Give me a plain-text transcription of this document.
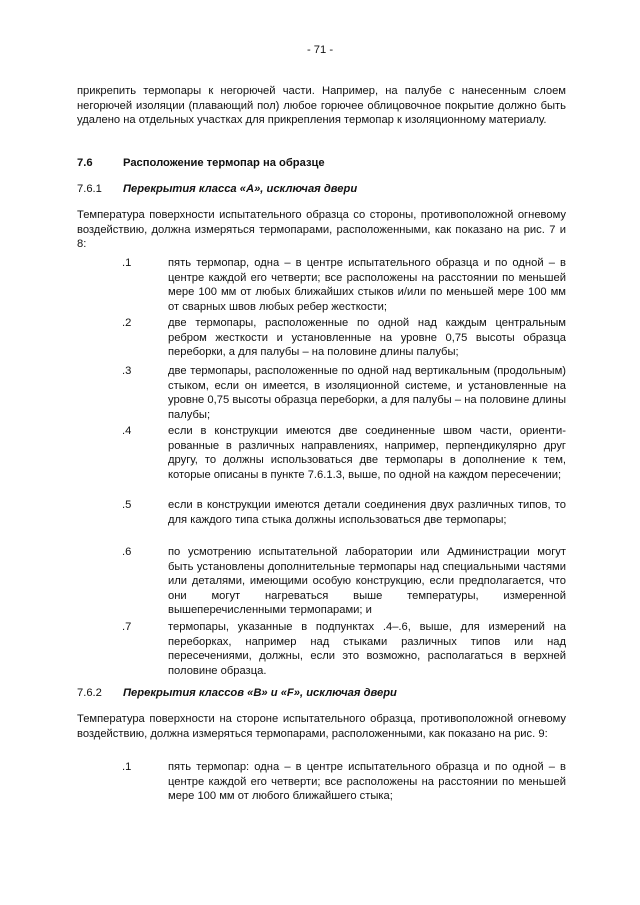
- 71 -
прикрепить термопары к негорючей части. Например, на палубе с нанесенным слоем негорючей изоляции (плавающий пол) любое горючее облицовочное покрытие должно быть удалено на отдельных участках для прикрепления термопар к изоляционному материалу.
7.6	Расположение термопар на образце
7.6.1 Перекрытия класса «А», исключая двери
Температура поверхности испытательного образца со стороны, противоположной огневому воздействию, должна измеряться термопарами, расположенными, как показано на рис. 7 и 8:
.1	пять термопар, одна – в центре испытательного образца и по одной – в центре каждой его четверти; все расположены на расстоянии по меньшей мере 100 мм от любых ближайших стыков и/или по меньшей мере 100 мм от сварных швов любых ребер жесткости;
.2	две термопары, расположенные по одной над каждым центральным ребром жесткости и установленные на уровне 0,75 высоты образца переборки, а для палубы – на половине длины палубы;
.3	две термопары, расположенные по одной над вертикальным (продольным) стыком, если он имеется, в изоляционной системе, и установленные на уровне 0,75 высоты образца переборки, а для палубы – на половине длины палубы;
.4	если в конструкции имеются две соединенные швом части, ориенти-рованные в различных направлениях, например, перпендикулярно друг другу, то должны использоваться две термопары в дополнение к тем, которые описаны в пункте 7.6.1.3, выше, по одной на каждом пересечении;
.5	если в конструкции имеются детали соединения двух различных типов, то для каждого типа стыка должны использоваться две термопары;
.6	по усмотрению испытательной лаборатории или Администрации могут быть установлены дополнительные термопары над специальными частями или деталями, имеющими особую конструкцию, если предполагается, что они могут нагреваться выше температуры, измеренной вышеперечисленными термопарами; и
.7	термопары, указанные в подпунктах .4–.6, выше, для измерений на переборках, например над стыками различных типов или над пересечениями, должны, если это возможно, располагаться в верхней половине образца.
7.6.2 Перекрытия классов «В» и «F», исключая двери
Температура поверхности на стороне испытательного образца, противоположной огневому воздействию, должна измеряться термопарами, расположенными, как показано на рис. 9:
.1	пять термопар: одна – в центре испытательного образца и по одной – в центре каждой его четверти; все расположены на расстоянии по меньшей мере 100 мм от любого ближайшего стыка;
